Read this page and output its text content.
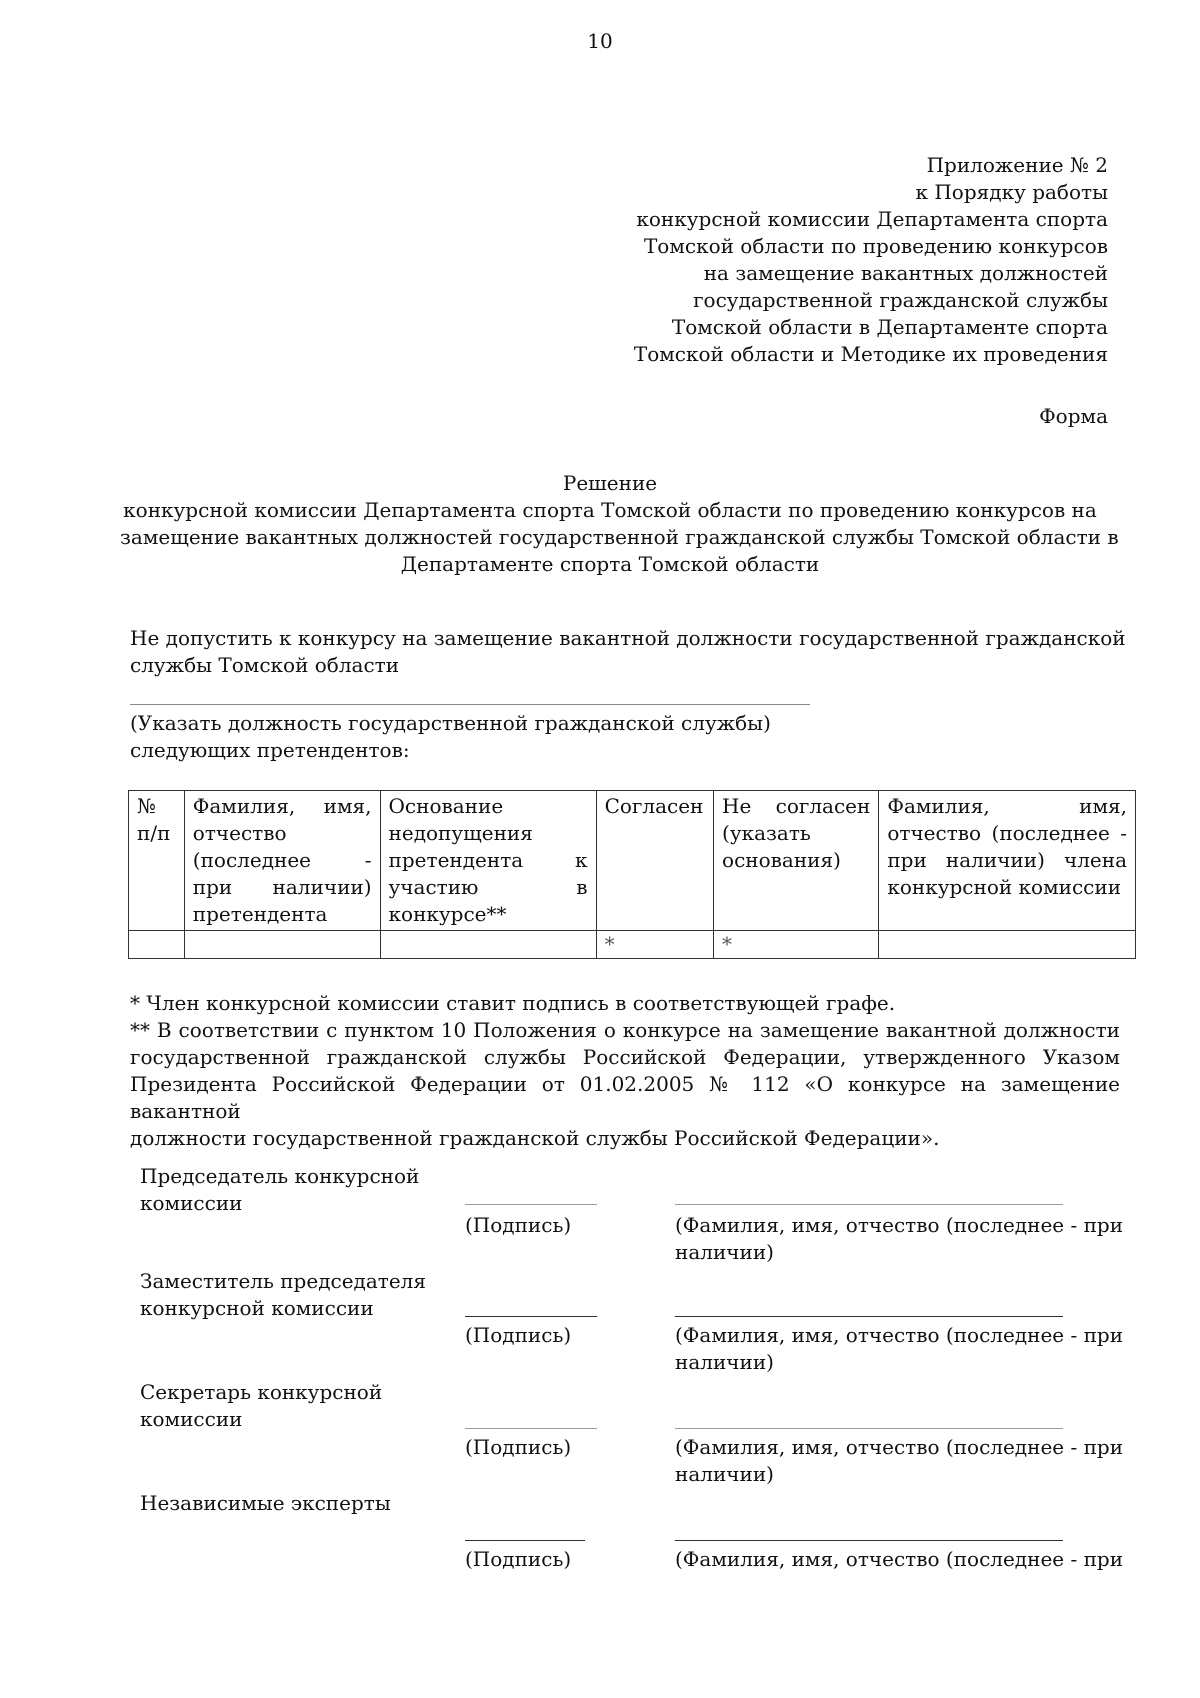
10
Приложение № 2
к Порядку работы
конкурсной комиссии Департамента спорта
Томской области по проведению конкурсов
на замещение вакантных должностей
государственной гражданской службы
Томской области в Департаменте спорта
Томской области и Методике их проведения
Форма
Решение
конкурсной комиссии Департамента спорта Томской области по проведению конкурсов на
замещение вакантных должностей государственной гражданской службы Томской области в
Департаменте спорта Томской области
Не допустить к конкурсу на замещение вакантной должности государственной гражданской
службы Томской области
(Указать должность государственной гражданской службы)
следующих претендентов:
№
п/п	Фамилия, имя,
отчество
(последнее -
при наличии)
претендента	Основание
недопущения
претендента к
участию в
конкурсе**	Согласен	Не согласен
(указать
основания)	Фамилия, имя,
отчество (последнее -
при наличии) члена
конкурсной комиссии

			*	*	
* Член конкурсной комиссии ставит подпись в соответствующей графе.
** В соответствии с пунктом 10 Положения о конкурсе на замещение вакантной должности
государственной гражданской службы Российской Федерации, утвержденного Указом
Президента Российской Федерации от 01.02.2005 № 112 «О конкурсе на замещение вакантной
должности государственной гражданской службы Российской Федерации».
Председатель конкурсной
комиссии
(Подпись)	(Фамилия, имя, отчество (последнее - при
наличии)
Заместитель председателя
конкурсной комиссии
(Подпись)	(Фамилия, имя, отчество (последнее - при
наличии)
Секретарь конкурсной
комиссии
(Подпись)	(Фамилия, имя, отчество (последнее - при
наличии)
Независимые эксперты
(Подпись)	(Фамилия, имя, отчество (последнее - при
